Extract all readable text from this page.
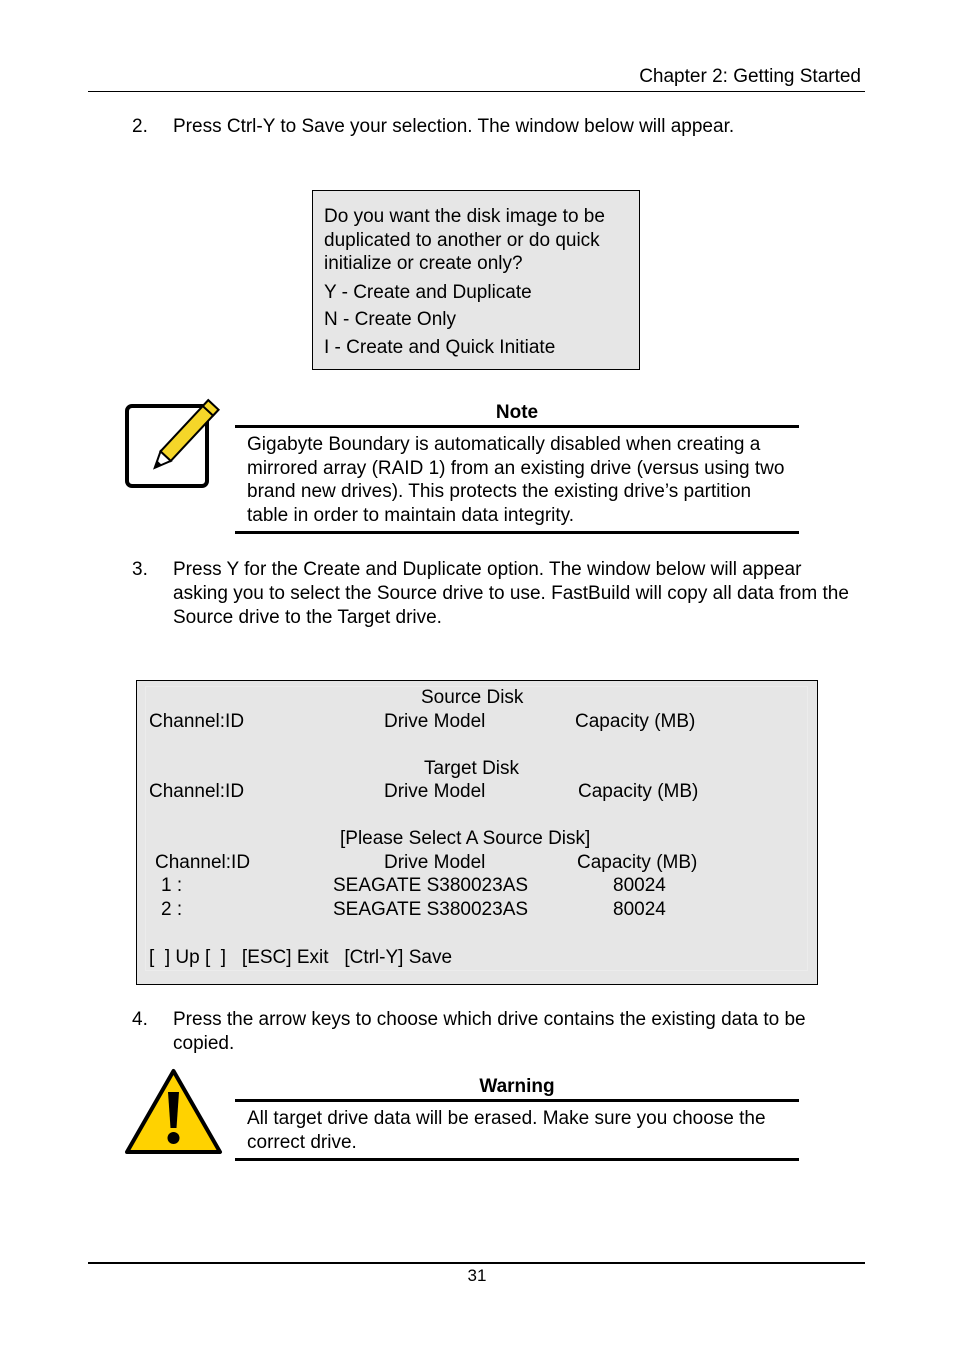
Chapter 2: Getting Started
2. Press Ctrl-Y to Save your selection. The window below will appear.
Do you want the disk image to be duplicated to another or do quick initialize or create only?
Y - Create and Duplicate
N - Create Only
I - Create and Quick Initiate
Note
Gigabyte Boundary is automatically disabled when creating a mirrored array (RAID 1) from an existing drive (versus using two brand new drives). This protects the existing drive’s partition table in order to maintain data integrity.
3. Press Y for the Create and Duplicate option. The window below will appear asking you to select the Source drive to use. FastBuild will copy all data from the Source drive to the Target drive.
Source Disk
Channel:ID	Drive Model	Capacity (MB)
Target Disk
Channel:ID	Drive Model	Capacity (MB)
[Please Select A Source Disk]
Channel:ID	Drive Model	Capacity (MB)
1 :	SEAGATE S380023AS	80024
2 :	SEAGATE S380023AS	80024
[  ] Up [  ]   [ESC] Exit   [Ctrl-Y] Save
4. Press the arrow keys to choose which drive contains the existing data to be copied.
Warning
All target drive data will be erased. Make sure you choose the correct drive.
31
